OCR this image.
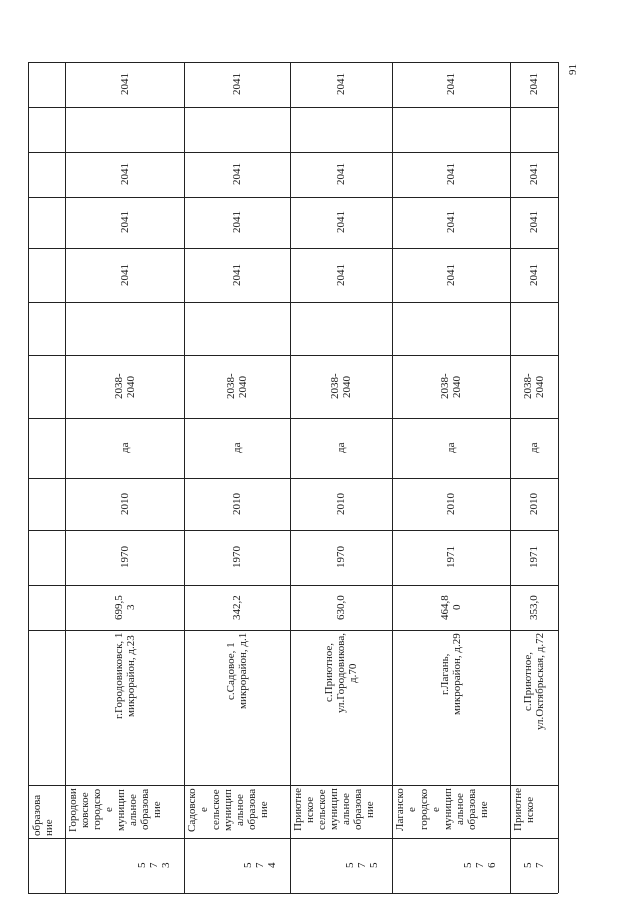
91
образова
ние
5
7
3
Городови
ковское
городско
е
муницип
альное
образова
ние
г.Городовиковск, 1
микрорайон, д.23
699,5
3
1970
2010
да
2038-
2040
2041
2041
2041
2041
5
7
4
Садовско
е
сельское
муницип
альное
образова
ние
с.Садовое, 1
микрорайон, д.1
342,2
1970
2010
да
2038-
2040
2041
2041
2041
2041
5
7
5
Приютне
нское
сельское
муницип
альное
образова
ние
с.Приютное,
ул.Городовикова,
д.70
630,0
1970
2010
да
2038-
2040
2041
2041
2041
2041
5
7
6
Лаганско
е
городско
е
муницип
альное
образова
ние
г.Лагань,
микрорайон, д.29
464,8
0
1971
2010
да
2038-
2040
2041
2041
2041
2041
5
7
Приютне
нское
с.Приютное,
ул.Октябрьская, д.72
353,0
1971
2010
да
2038-
2040
2041
2041
2041
2041
